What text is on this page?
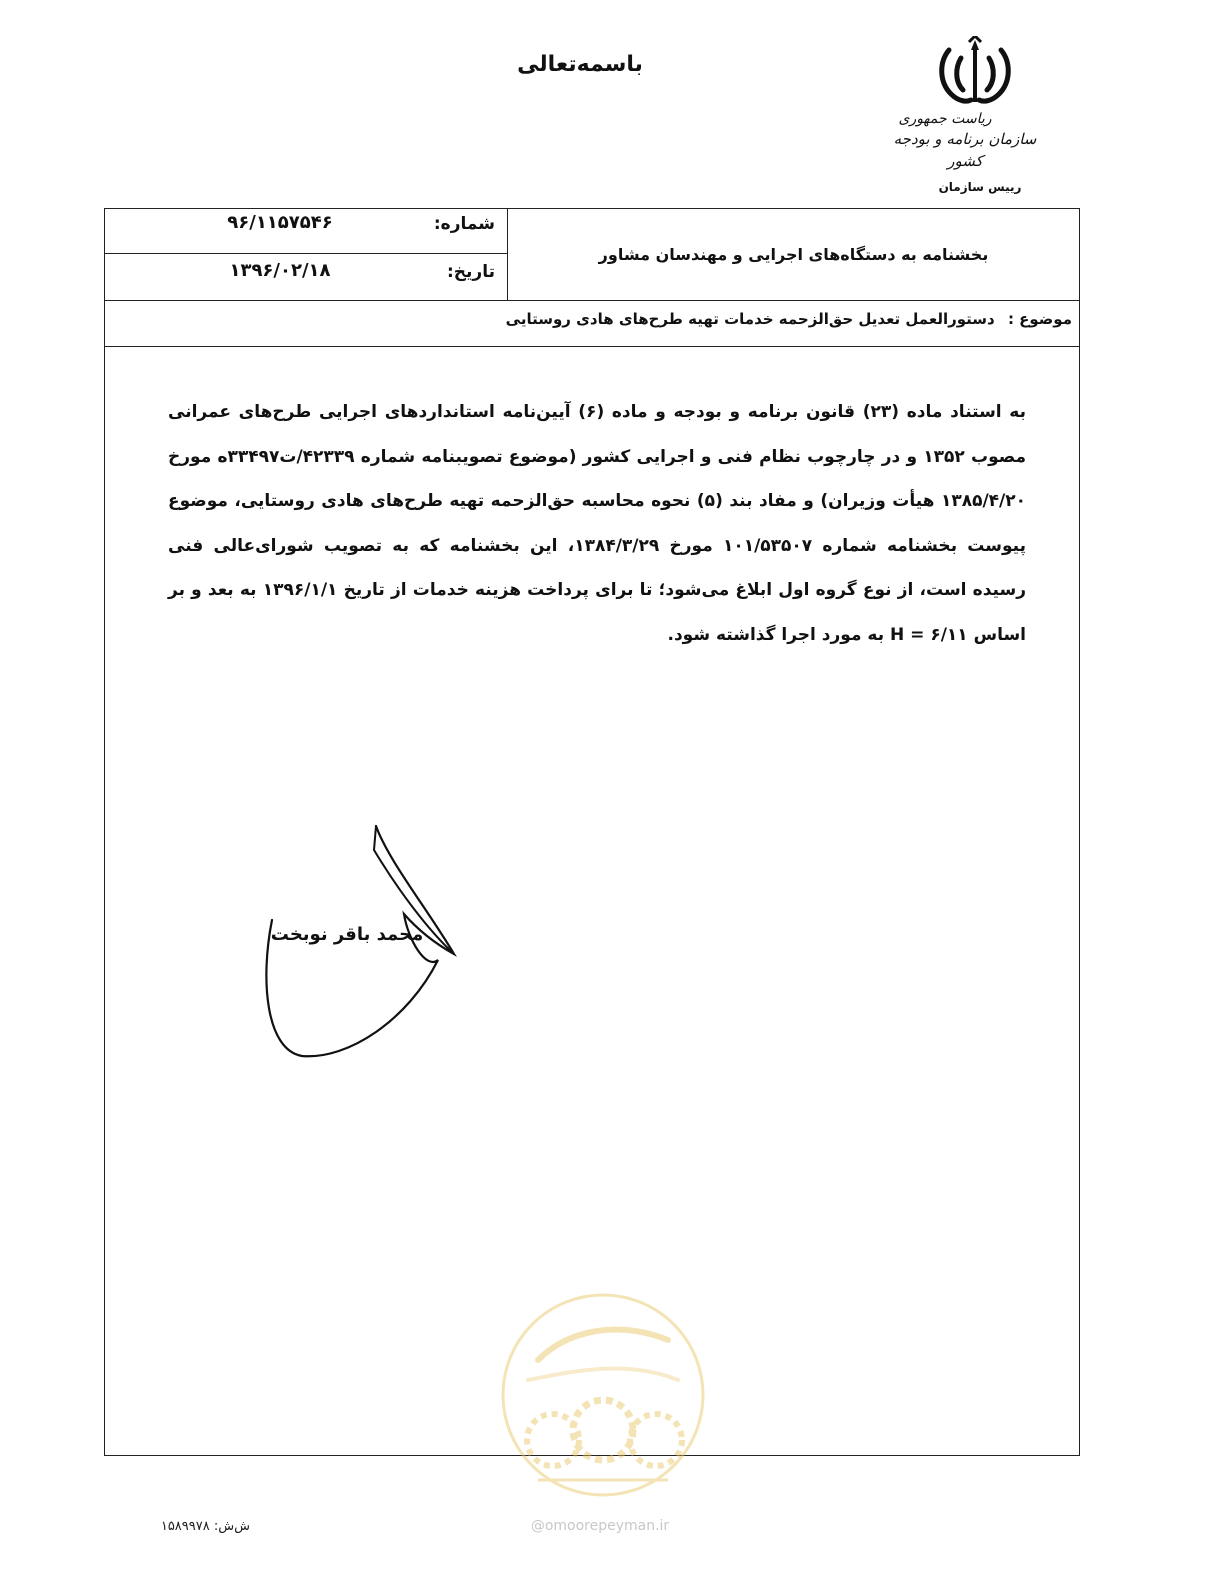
باسمه‌تعالی
ریاست جمهوری
سازمان برنامه و بودجه کشور
رییس سازمان
بخشنامه به دستگاه‌های اجرایی و مهندسان مشاور
شماره:
۹۶/۱۱۵۷۵۴۶
تاریخ:
۱۳۹۶/۰۲/۱۸
موضوع : دستورالعمل تعدیل حق‌الزحمه خدمات تهیه طرح‌های هادی روستایی
به استناد ماده (۲۳) قانون برنامه و بودجه و ماده (۶) آیین‌نامه استانداردهای اجرایی طرح‌های عمرانی مصوب ۱۳۵۲ و در چارچوب نظام فنی و اجرایی کشور (موضوع تصویبنامه شماره ۴۲۳۳۹/ت۳۳۴۹۷ه مورخ ۱۳۸۵/۴/۲۰ هیأت وزیران) و مفاد بند (۵) نحوه محاسبه حق‌الزحمه تهیه طرح‌های هادی روستایی، موضوع پیوست بخشنامه شماره ۱۰۱/۵۳۵۰۷ مورخ ۱۳۸۴/۳/۲۹، این بخشنامه که به تصویب شورای‌عالی فنی رسیده است، از نوع گروه اول ابلاغ می‌شود؛ تا برای پرداخت هزینه خدمات از تاریخ ۱۳۹۶/۱/۱ به بعد و بر اساس H = ۶/۱۱ به مورد اجرا گذاشته شود.
محمد باقر نوبخت
@omoorepeyman.ir
ش‌ش: ۱۵۸۹۹۷۸
